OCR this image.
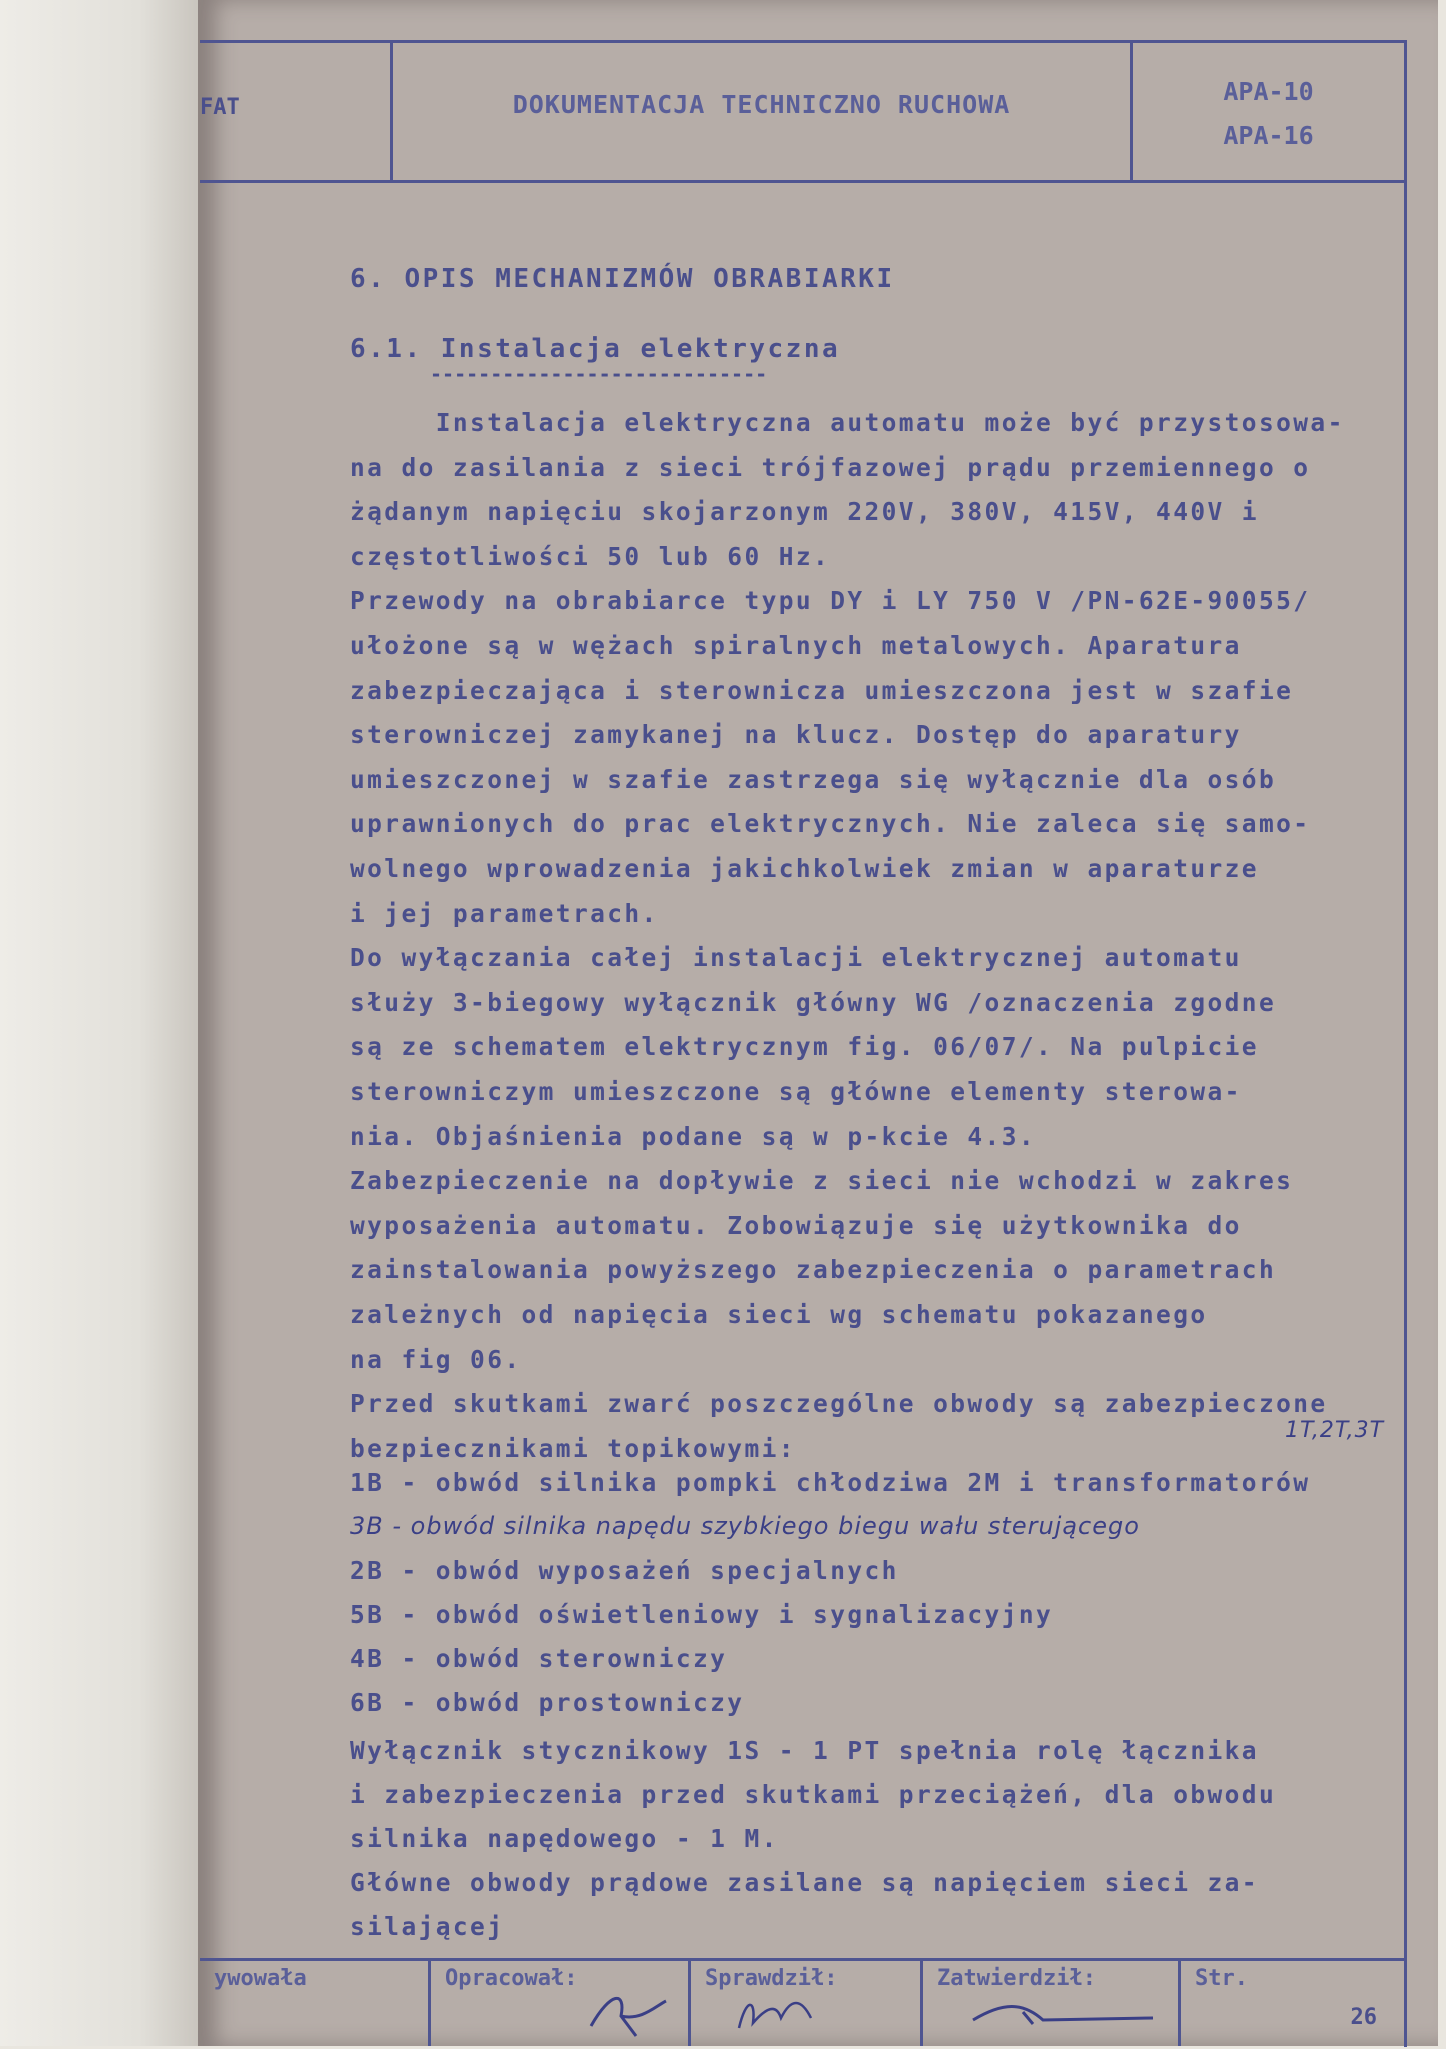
FAT	DOKUMENTACJA TECHNICZNO RUCHOWA	APA-10
APA-16
6. OPIS MECHANIZMÓW OBRABIARKI
6.1. Instalacja elektryczna
----------------------------
Instalacja elektryczna automatu może być przystosowa-
na do zasilania z sieci trójfazowej prądu przemiennego o
żądanym napięciu skojarzonym 220V, 380V, 415V, 440V i
częstotliwości 50 lub 60 Hz.
Przewody na obrabiarce typu DY i LY 750 V /PN-62E-90055/
ułożone są w wężach spiralnych metalowych. Aparatura
zabezpieczająca i sterownicza umieszczona jest w szafie
sterowniczej zamykanej na klucz. Dostęp do aparatury
umieszczonej w szafie zastrzega się wyłącznie dla osób
uprawnionych do prac elektrycznych. Nie zaleca się samo-
wolnego wprowadzenia jakichkolwiek zmian w aparaturze
i jej parametrach.
Do wyłączania całej instalacji elektrycznej automatu
służy 3-biegowy wyłącznik główny WG /oznaczenia zgodne
są ze schematem elektrycznym fig. 06/07/. Na pulpicie
sterowniczym umieszczone są główne elementy sterowa-
nia. Objaśnienia podane są w p-kcie 4.3.
Zabezpieczenie na dopływie z sieci nie wchodzi w zakres
wyposażenia automatu. Zobowiązuje się użytkownika do
zainstalowania powyższego zabezpieczenia o parametrach
zależnych od napięcia sieci wg schematu pokazanego
na fig 06.
Przed skutkami zwarć poszczególne obwody są zabezpieczone
bezpiecznikami topikowymi:
1T,2T,3T
1B - obwód silnika pompki chłodziwa 2M i transformatorów
3B - obwód silnika napędu szybkiego biegu wału sterującego
2B - obwód wyposażeń specjalnych
5B - obwód oświetleniowy i sygnalizacyjny
4B - obwód sterowniczy
6B - obwód prostowniczy
Wyłącznik stycznikowy 1S - 1 PT spełnia rolę łącznika
i zabezpieczenia przed skutkami przeciążeń, dla obwodu
silnika napędowego - 1 M.
Główne obwody prądowe zasilane są napięciem sieci za-
silającej
ywowała	Opracował:	Sprawdził:	Zatwierdził:	Str.
26
